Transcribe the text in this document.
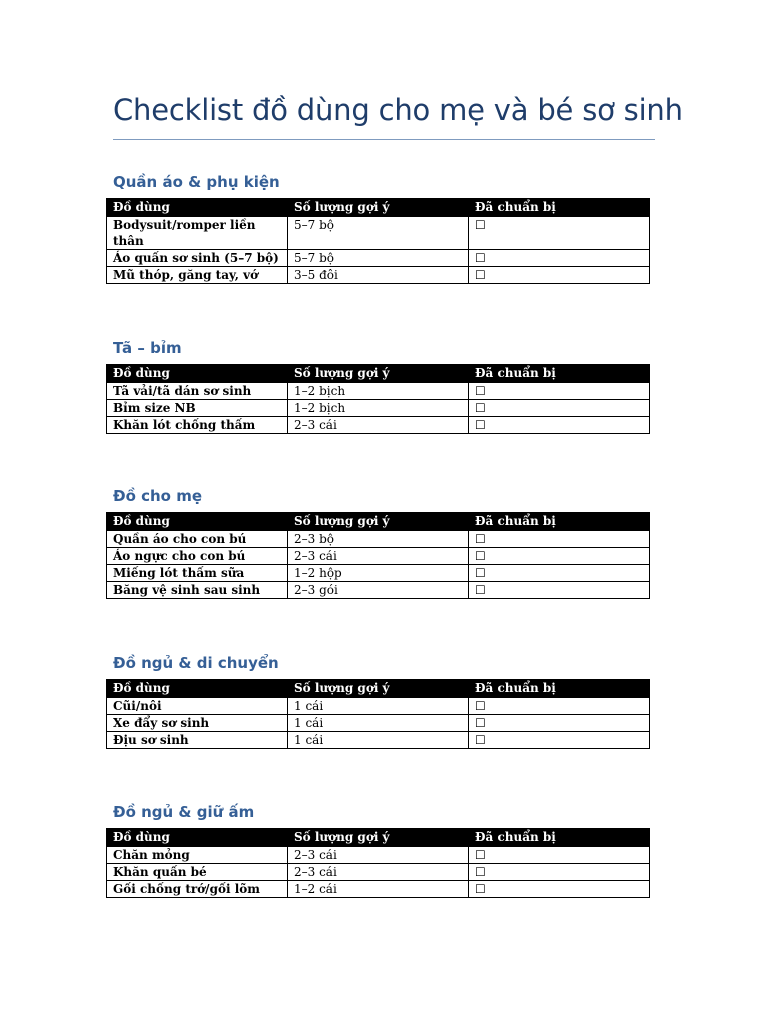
Checklist đồ dùng cho mẹ và bé sơ sinh
Quần áo & phụ kiện
Đồ dùng	Số lượng gợi ý	Đã chuẩn bị
Bodysuit/romper liền thân	5–7 bộ	☐
Áo quấn sơ sinh (5–7 bộ)	5–7 bộ	☐
Mũ thóp, găng tay, vớ	3–5 đôi	☐
Tã – bỉm
Đồ dùng	Số lượng gợi ý	Đã chuẩn bị
Tã vải/tã dán sơ sinh	1–2 bịch	☐
Bỉm size NB	1–2 bịch	☐
Khăn lót chống thấm	2–3 cái	☐
Đồ cho mẹ
Đồ dùng	Số lượng gợi ý	Đã chuẩn bị
Quần áo cho con bú	2–3 bộ	☐
Áo ngực cho con bú	2–3 cái	☐
Miếng lót thấm sữa	1–2 hộp	☐
Băng vệ sinh sau sinh	2–3 gói	☐
Đồ ngủ & di chuyển
Đồ dùng	Số lượng gợi ý	Đã chuẩn bị
Cũi/nôi	1 cái	☐
Xe đẩy sơ sinh	1 cái	☐
Địu sơ sinh	1 cái	☐
Đồ ngủ & giữ ấm
Đồ dùng	Số lượng gợi ý	Đã chuẩn bị
Chăn mỏng	2–3 cái	☐
Khăn quấn bé	2–3 cái	☐
Gối chống trớ/gối lõm	1–2 cái	☐
